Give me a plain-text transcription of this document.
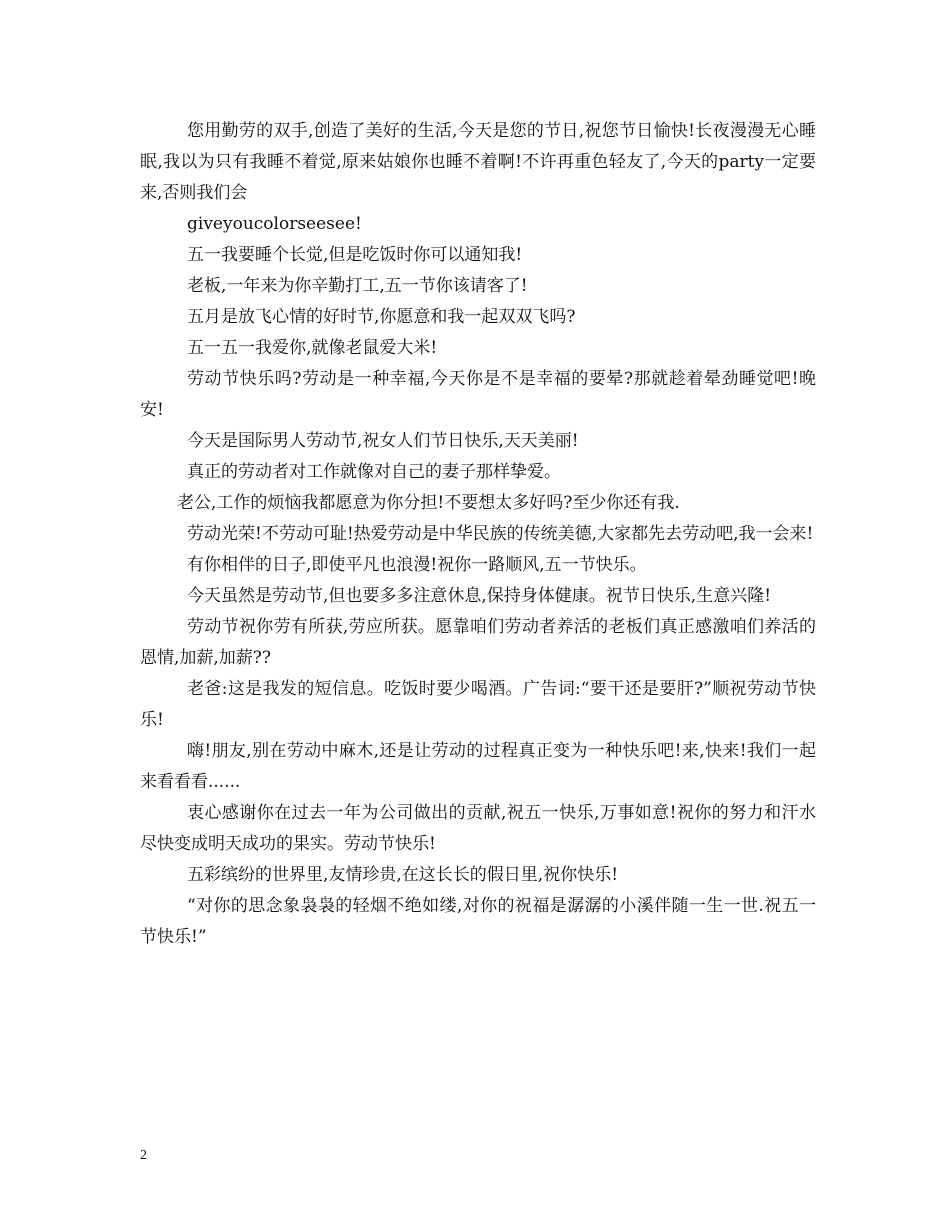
您用勤劳的双手,创造了美好的生活,今天是您的节日,祝您节日愉快!长夜漫漫无心睡眠,我以为只有我睡不着觉,原来姑娘你也睡不着啊!不许再重色轻友了,今天的party一定要来,否则我们会

giveyoucolorseesee!

五一我要睡个长觉,但是吃饭时你可以通知我!

老板,一年来为你辛勤打工,五一节你该请客了!

五月是放飞心情的好时节,你愿意和我一起双双飞吗?

五一五一我爱你,就像老鼠爱大米!

劳动节快乐吗?劳动是一种幸福,今天你是不是幸福的要晕?那就趁着晕劲睡觉吧!晚安!

今天是国际男人劳动节,祝女人们节日快乐,天天美丽!

真正的劳动者对工作就像对自己的妻子那样挚爱。

老公,工作的烦恼我都愿意为你分担!不要想太多好吗?至少你还有我.

劳动光荣!不劳动可耻!热爱劳动是中华民族的传统美德,大家都先去劳动吧,我一会来!

有你相伴的日子,即使平凡也浪漫!祝你一路顺风,五一节快乐。

今天虽然是劳动节,但也要多多注意休息,保持身体健康。祝节日快乐,生意兴隆!

劳动节祝你劳有所获,劳应所获。愿靠咱们劳动者养活的老板们真正感激咱们养活的恩情,加薪,加薪??

老爸:这是我发的短信息。吃饭时要少喝酒。广告词:“要干还是要肝?”顺祝劳动节快乐!

嗨!朋友,别在劳动中麻木,还是让劳动的过程真正变为一种快乐吧!来,快来!我们一起来看看看......

衷心感谢你在过去一年为公司做出的贡献,祝五一快乐,万事如意!祝你的努力和汗水尽快变成明天成功的果实。劳动节快乐!

五彩缤纷的世界里,友情珍贵,在这长长的假日里,祝你快乐!

“对你的思念象袅袅的轻烟不绝如缕,对你的祝福是潺潺的小溪伴随一生一世.祝五一节快乐!”

2
